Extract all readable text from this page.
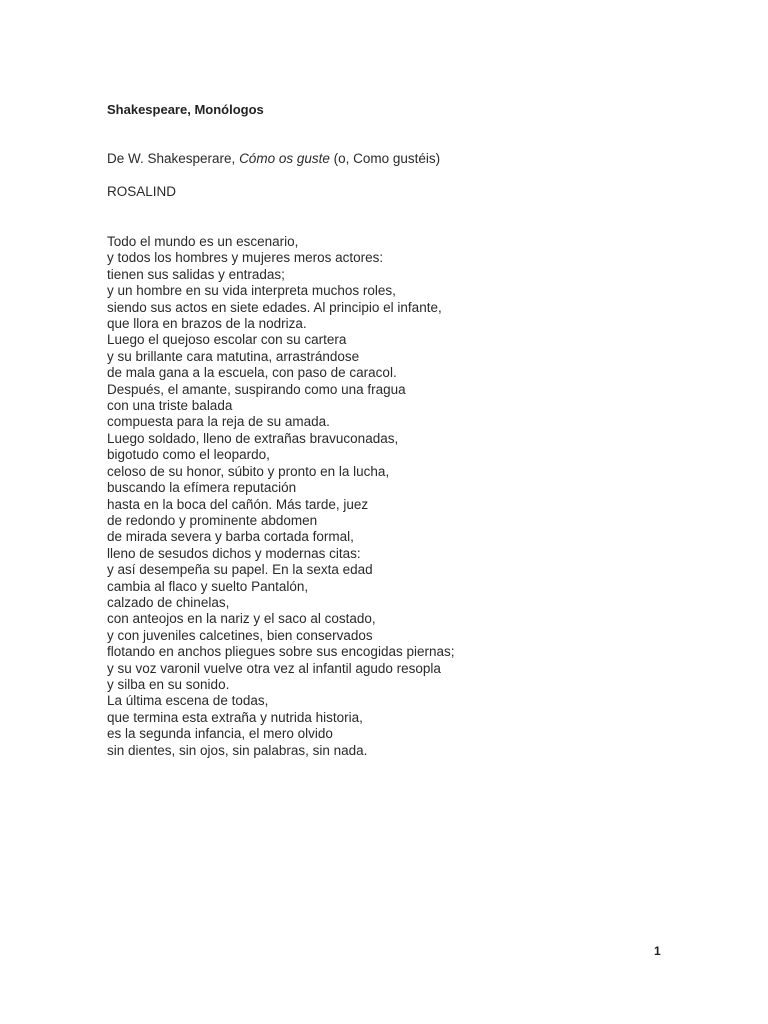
Shakespeare, Monólogos

De W. Shakesperare, Cómo os guste (o, Como gustéis)

ROSALIND

Todo el mundo es un escenario,
y todos los hombres y mujeres meros actores:
tienen sus salidas y entradas;
y un hombre en su vida interpreta muchos roles,
siendo sus actos en siete edades. Al principio el infante,
que llora en brazos de la nodriza.
Luego el quejoso escolar con su cartera
y su brillante cara matutina, arrastrándose
de mala gana a la escuela, con paso de caracol.
Después, el amante, suspirando como una fragua
con una triste balada
compuesta para la reja de su amada.
Luego soldado, lleno de extrañas bravuconadas,
bigotudo como el leopardo,
celoso de su honor, súbito y pronto en la lucha,
buscando la efímera reputación
hasta en la boca del cañón. Más tarde, juez
de redondo y prominente abdomen
de mirada severa y barba cortada formal,
lleno de sesudos dichos y modernas citas:
y así desempeña su papel. En la sexta edad
cambia al flaco y suelto Pantalón,
calzado de chinelas,
con anteojos en la nariz y el saco al costado,
y con juveniles calcetines, bien conservados
flotando en anchos pliegues sobre sus encogidas piernas;
y su voz varonil vuelve otra vez al infantil agudo resopla
y silba en su sonido.
La última escena de todas,
que termina esta extraña y nutrida historia,
es la segunda infancia, el mero olvido
sin dientes, sin ojos, sin palabras, sin nada.
1
